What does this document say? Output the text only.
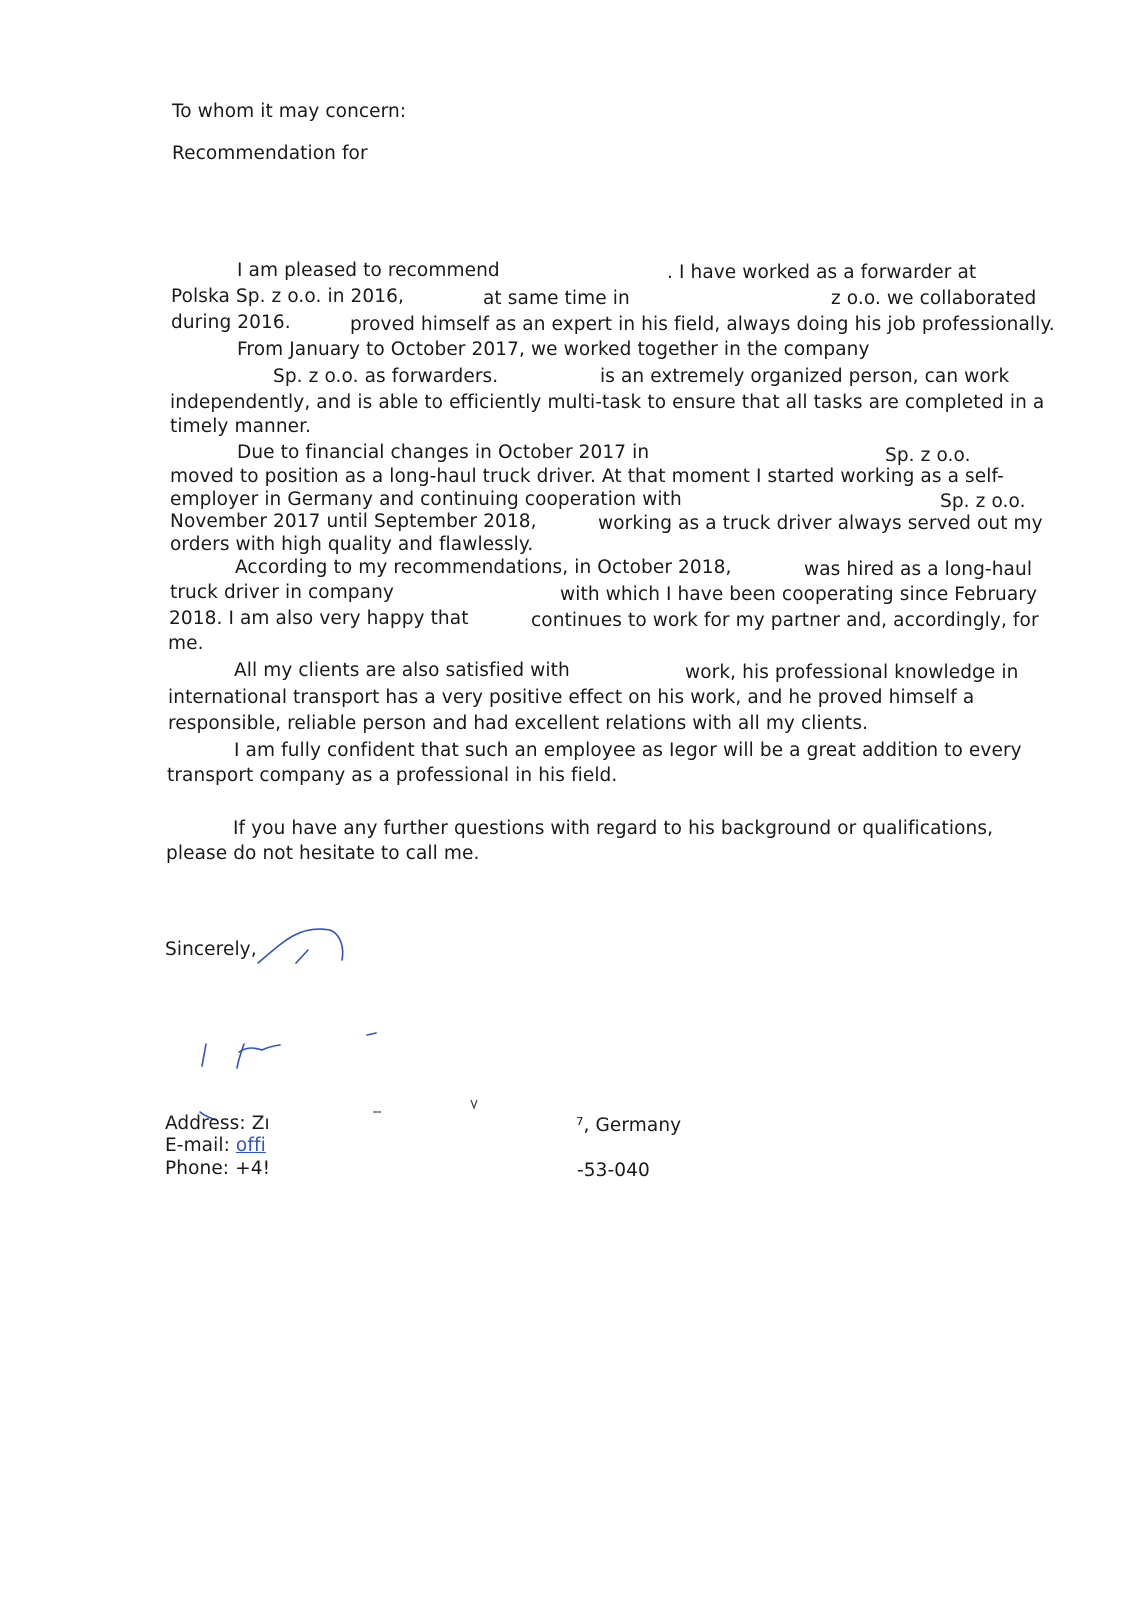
To whom it may concern:
Recommendation for
I am pleased to recommend	. I have worked as a forwarder at
Polska Sp. z o.o. in 2016,	at same time in	z o.o. we collaborated
during 2016.	proved himself as an expert in his field, always doing his job professionally.
From January to October 2017, we worked together in the company
Sp. z o.o. as forwarders.	is an extremely organized person, can work
independently, and is able to efficiently multi-task to ensure that all tasks are completed in a
timely manner.
Due to financial changes in October 2017 in	Sp. z o.o.
moved to position as a long-haul truck driver. At that moment I started working as a self-
employer in Germany and continuing cooperation with	Sp. z o.o.
November 2017 until September 2018,	working as a truck driver always served out my
orders with high quality and flawlessly.
According to my recommendations, in October 2018,	was hired as a long-haul
truck driver in company	with which I have been cooperating since February
2018. I am also very happy that	continues to work for my partner and, accordingly, for
me.
All my clients are also satisfied with	work, his professional knowledge in
international transport has a very positive effect on his work, and he proved himself a
responsible, reliable person and had excellent relations with all my clients.
I am fully confident that such an employee as Iegor will be a great addition to every
transport company as a professional in his field.
If you have any further questions with regard to his background or qualifications,
please do not hesitate to call me.
Sincerely,
Address: Zı	⁷, Germany
E-mail: offi
Phone: +4!	-53-040
